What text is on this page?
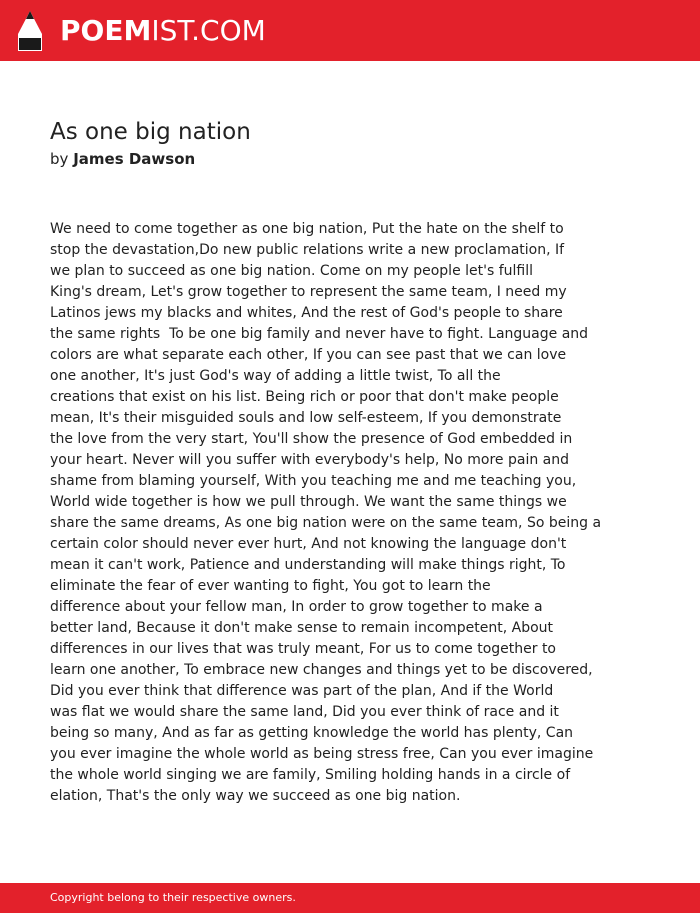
POEMIST.COM
As one big nation
by James Dawson
We need to come together as one big nation, Put the hate on the shelf to
stop the devastation,Do new public relations write a new proclamation, If
we plan to succeed as one big nation. Come on my people let's fulfill
King's dream, Let's grow together to represent the same team, I need my
Latinos jews my blacks and whites, And the rest of God's people to share
the same rights  To be one big family and never have to fight. Language and
colors are what separate each other, If you can see past that we can love
one another, It's just God's way of adding a little twist, To all the
creations that exist on his list. Being rich or poor that don't make people
mean, It's their misguided souls and low self-esteem, If you demonstrate
the love from the very start, You'll show the presence of God embedded in
your heart. Never will you suffer with everybody's help, No more pain and
shame from blaming yourself, With you teaching me and me teaching you,
World wide together is how we pull through. We want the same things we
share the same dreams, As one big nation were on the same team, So being a
certain color should never ever hurt, And not knowing the language don't
mean it can't work, Patience and understanding will make things right, To
eliminate the fear of ever wanting to fight, You got to learn the
difference about your fellow man, In order to grow together to make a
better land, Because it don't make sense to remain incompetent, About
differences in our lives that was truly meant, For us to come together to
learn one another, To embrace new changes and things yet to be discovered,
Did you ever think that difference was part of the plan, And if the World
was flat we would share the same land, Did you ever think of race and it
being so many, And as far as getting knowledge the world has plenty, Can
you ever imagine the whole world as being stress free, Can you ever imagine
the whole world singing we are family, Smiling holding hands in a circle of
elation, That's the only way we succeed as one big nation.
Copyright belong to their respective owners.
